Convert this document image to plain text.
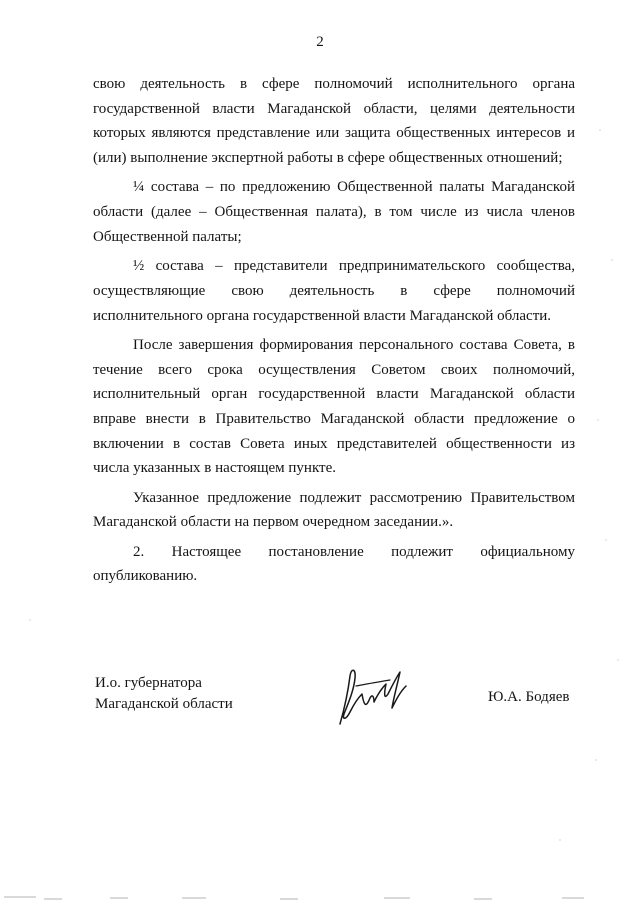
2

свою деятельность в сфере полномочий исполнительного органа государственной власти Магаданской области, целями деятельности которых являются представление или защита общественных интересов и (или) выполнение экспертной работы в сфере общественных отношений;

¼ состава – по предложению Общественной палаты Магаданской области (далее – Общественная палата), в том числе из числа членов Общественной палаты;

½ состава – представители предпринимательского сообщества, осуществляющие свою деятельность в сфере полномочий исполнительного органа государственной власти Магаданской области.

После завершения формирования персонального состава Совета, в течение всего срока осуществления Советом своих полномочий, исполнительный орган государственной власти Магаданской области вправе внести в Правительство Магаданской области предложение о включении в состав Совета иных представителей общественности из числа указанных в настоящем пункте.

Указанное предложение подлежит рассмотрению Правительством Магаданской области на первом очередном заседании.».

2. Настоящее постановление подлежит официальному опубликованию.

И.о. губернатора
Магаданской области	Ю.А. Бодяев
